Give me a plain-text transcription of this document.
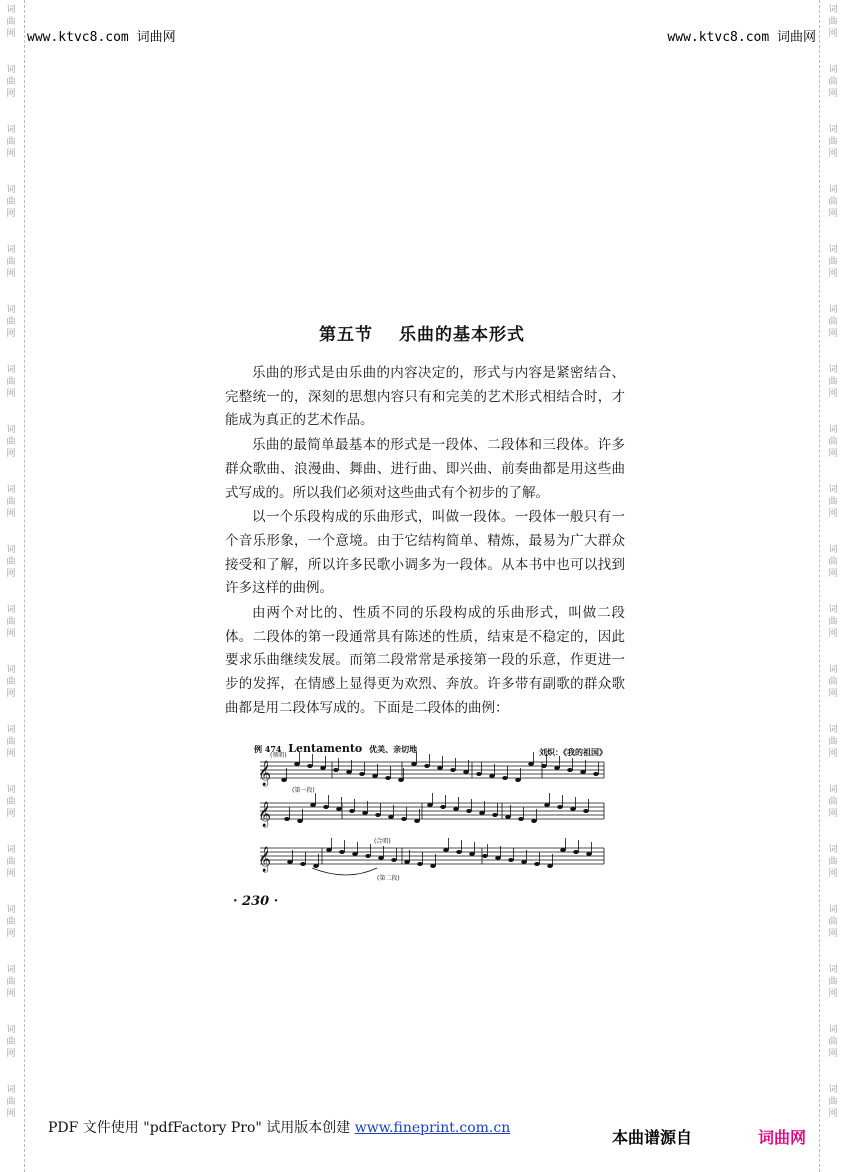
词
曲
网
词
曲
网
词
曲
网
词
曲
网
词
曲
网
词
曲
网
词
曲
网
词
曲
网
词
曲
网
词
曲
网
词
曲
网
词
曲
网
词
曲
网
词
曲
网
词
曲
网
词
曲
网
词
曲
网
词
曲
网
词
曲
网
词
曲
网
词
曲
网
词
曲
网
词
曲
网
词
曲
网
词
曲
网
词
曲
网
词
曲
网
词
曲
网
词
曲
网
词
曲
网
词
曲
网
词
曲
网
词
曲
网
词
曲
网
词
曲
网
词
曲
网
词
曲
网
词
曲
网
www.ktvc8.com 词曲网	www.ktvc8.com 词曲网
第五节 乐曲的基本形式

乐曲的形式是由乐曲的内容决定的，形式与内容是紧密结合、完整统一的，深刻的思想内容只有和完美的艺术形式相结合时，才能成为真正的艺术作品。

乐曲的最简单最基本的形式是一段体、二段体和三段体。许多群众歌曲、浪漫曲、舞曲、进行曲、即兴曲、前奏曲都是用这些曲式写成的。所以我们必须对这些曲式有个初步的了解。

以一个乐段构成的乐曲形式，叫做一段体。一段体一般只有一个音乐形象，一个意境。由于它结构简单、精炼，最易为广大群众接受和了解，所以许多民歌小调多为一段体。从本书中也可以找到许多这样的曲例。

由两个对比的、性质不同的乐段构成的乐曲形式，叫做二段体。二段体的第一段通常具有陈述的性质，结束是不稳定的，因此要求乐曲继续发展。而第二段常常是承接第一段的乐意，作更进一步的发挥，在情感上显得更为欢烈、奔放。许多带有副歌的群众歌曲都是用二段体写成的。下面是二段体的曲例：

例 474 Lentamento 优美、亲切地	刘炽：《我的祖国》
𝄞
𝄞
𝄞
(领唱)
(第一段)
(合唱)
(第二段)
· 230 ·
PDF 文件使用 "pdfFactory Pro" 试用版本创建 www.fineprint.com.cn	本曲谱源自	词曲网
